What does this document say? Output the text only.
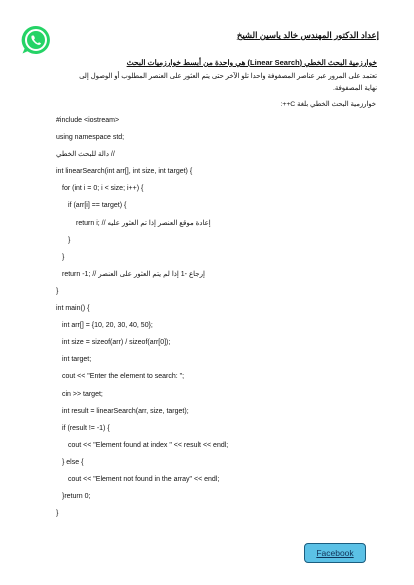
إعداد الدكتور المهندس خالد ياسين الشيخ
خوارزمية البحث الخطي (Linear Search) هي واحدة من أبسط خوارزميات البحث
تعتمد على المرور عبر عناصر المصفوفة واحدا تلو الآخر حتى يتم العثور على العنصر المطلوب أو الوصول إلى نهاية المصفوفة.
خوارزمية البحث الخطي بلغة C++:
#include <iostream>
using namespace std;
دالة للبحث الخطي //
int linearSearch(int arr[], int size, int target) {
for (int i = 0; i < size; i++) {
if (arr[i] == target) {
return i; // إعادة موقع العنصر إذا تم العثور عليه
}
}
return -1; // إرجاع -1 إذا لم يتم العثور على العنصر
}
int main() {
int arr[] = {10, 20, 30, 40, 50};
int size = sizeof(arr) / sizeof(arr[0]);
int target;
cout << "Enter the element to search: ";
cin >> target;
int result = linearSearch(arr, size, target);
if (result != -1) {
cout << "Element found at index " << result << endl;
} else {
cout << "Element not found in the array" << endl;
}return 0;
}
Facebook
